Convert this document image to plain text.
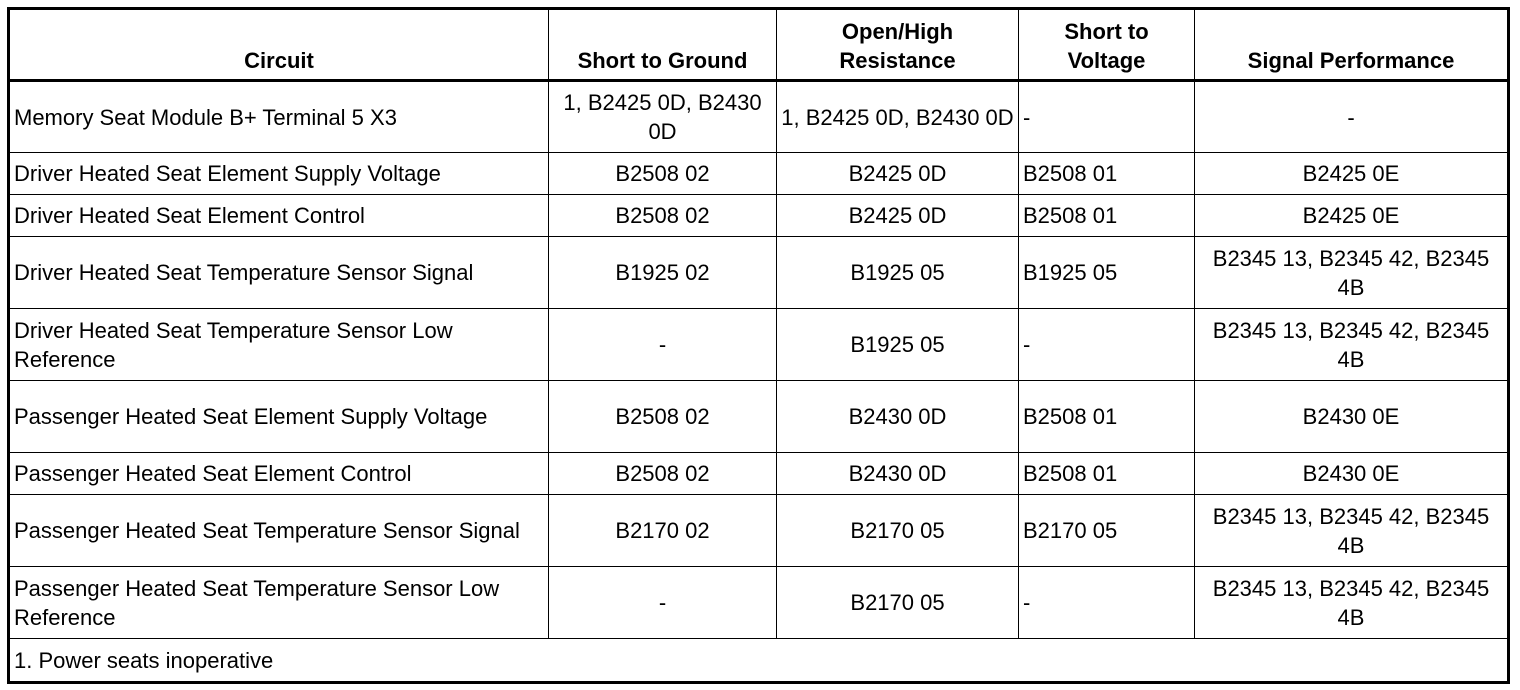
Circuit	Short to Ground	Open/High Resistance	Short to Voltage	Signal Performance
Memory Seat Module B+ Terminal 5 X3	1, B2425 0D, B2430 0D	1, B2425 0D, B2430 0D	-	-
Driver Heated Seat Element Supply Voltage	B2508 02	B2425 0D	B2508 01	B2425 0E
Driver Heated Seat Element Control	B2508 02	B2425 0D	B2508 01	B2425 0E
Driver Heated Seat Temperature Sensor Signal	B1925 02	B1925 05	B1925 05	B2345 13, B2345 42, B2345 4B
Driver Heated Seat Temperature Sensor Low Reference	-	B1925 05	-	B2345 13, B2345 42, B2345 4B
Passenger Heated Seat Element Supply Voltage	B2508 02	B2430 0D	B2508 01	B2430 0E
Passenger Heated Seat Element Control	B2508 02	B2430 0D	B2508 01	B2430 0E
Passenger Heated Seat Temperature Sensor Signal	B2170 02	B2170 05	B2170 05	B2345 13, B2345 42, B2345 4B
Passenger Heated Seat Temperature Sensor Low Reference	-	B2170 05	-	B2345 13, B2345 42, B2345 4B
1. Power seats inoperative				
